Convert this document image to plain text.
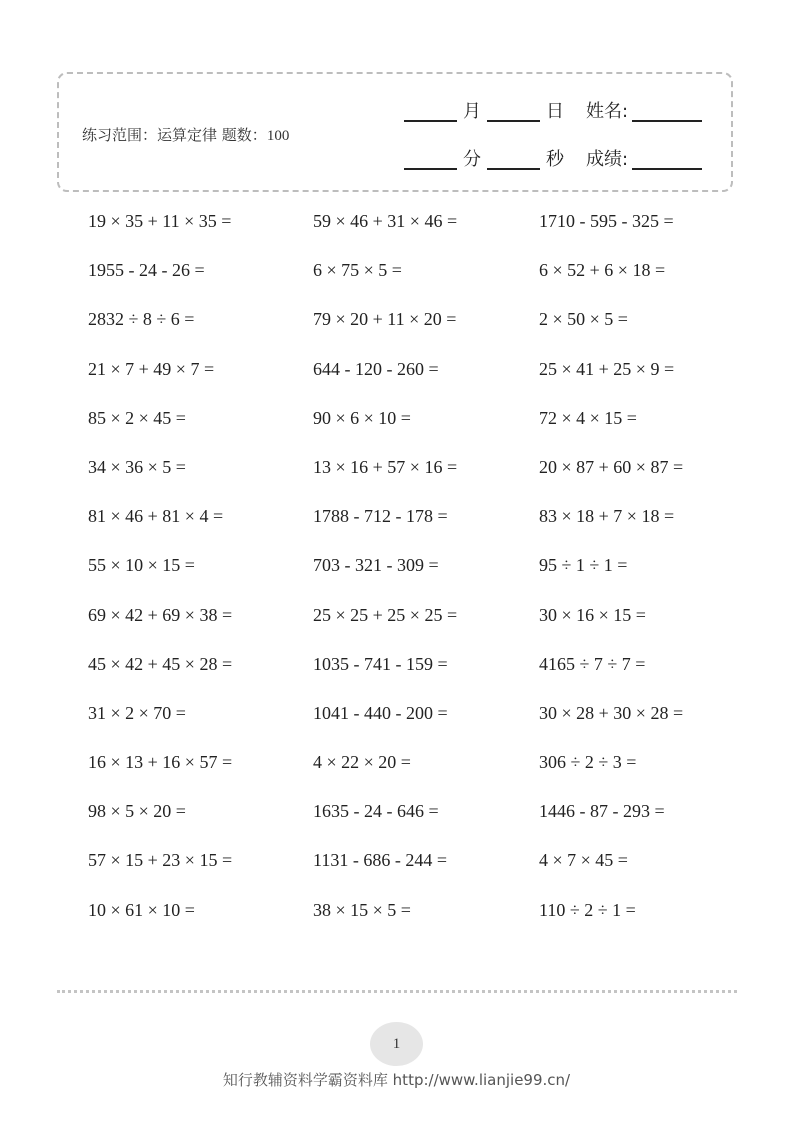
练习范围：运算定律 题数：100
月	日 姓名:
分	秒 成绩:
19 × 35 + 11 × 35 =	59 × 46 + 31 × 46 =	1710 - 595 - 325 =
1955 - 24 - 26 =	6 × 75 × 5 =	6 × 52 + 6 × 18 =
2832 ÷ 8 ÷ 6 =	79 × 20 + 11 × 20 =	2 × 50 × 5 =
21 × 7 + 49 × 7 =	644 - 120 - 260 =	25 × 41 + 25 × 9 =
85 × 2 × 45 =	90 × 6 × 10 =	72 × 4 × 15 =
34 × 36 × 5 =	13 × 16 + 57 × 16 =	20 × 87 + 60 × 87 =
81 × 46 + 81 × 4 =	1788 - 712 - 178 =	83 × 18 + 7 × 18 =
55 × 10 × 15 =	703 - 321 - 309 =	95 ÷ 1 ÷ 1 =
69 × 42 + 69 × 38 =	25 × 25 + 25 × 25 =	30 × 16 × 15 =
45 × 42 + 45 × 28 =	1035 - 741 - 159 =	4165 ÷ 7 ÷ 7 =
31 × 2 × 70 =	1041 - 440 - 200 =	30 × 28 + 30 × 28 =
16 × 13 + 16 × 57 =	4 × 22 × 20 =	306 ÷ 2 ÷ 3 =
98 × 5 × 20 =	1635 - 24 - 646 =	1446 - 87 - 293 =
57 × 15 + 23 × 15 =	1131 - 686 - 244 =	4 × 7 × 45 =
10 × 61 × 10 =	38 × 15 × 5 =	110 ÷ 2 ÷ 1 =
1
知行教辅资料学霸资料库 http://www.lianjie99.cn/
